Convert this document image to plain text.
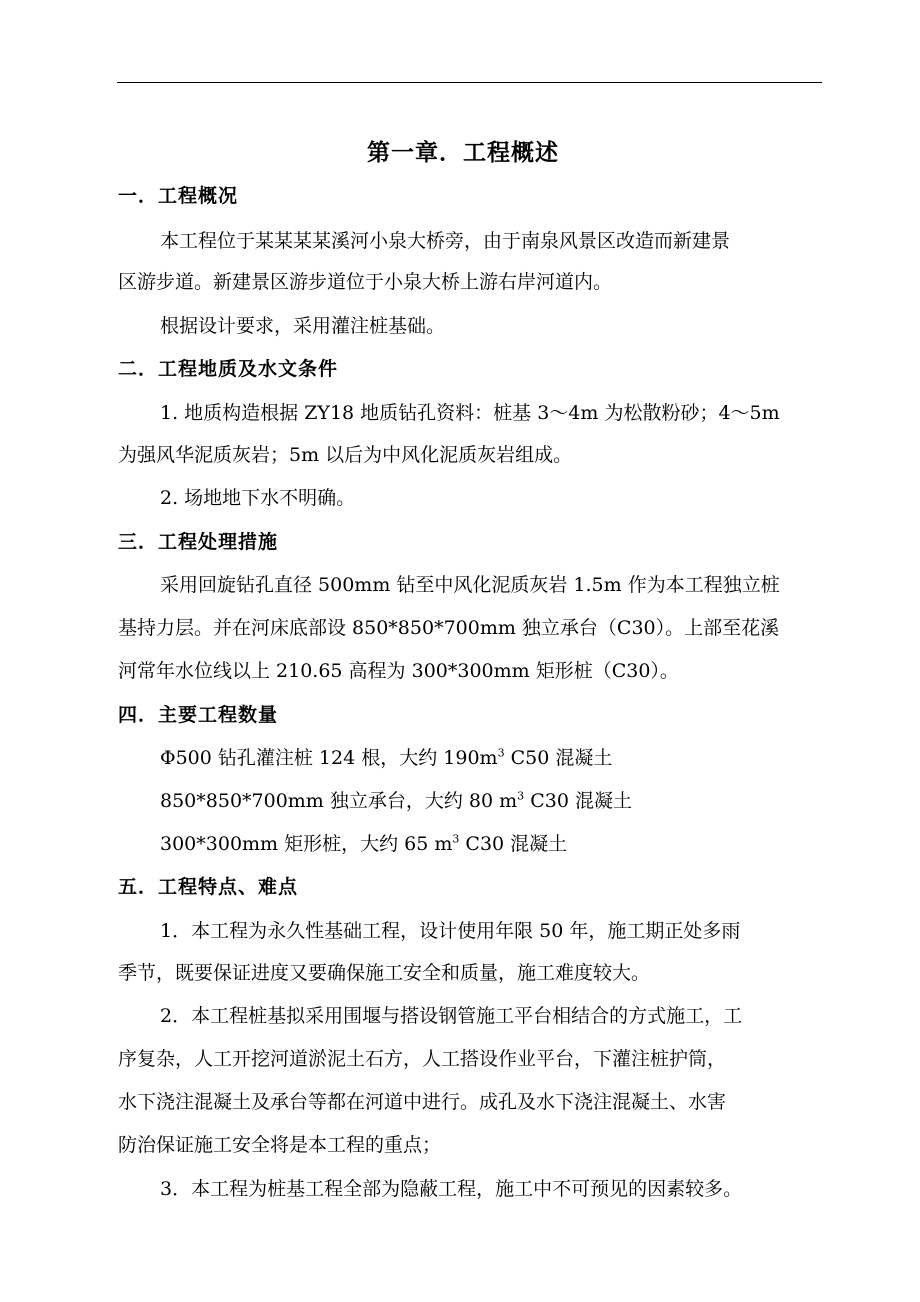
第一章．工程概述
一．工程概况
本工程位于某某某某溪河小泉大桥旁，由于南泉风景区改造而新建景
区游步道。新建景区游步道位于小泉大桥上游右岸河道内。
根据设计要求，采用灌注桩基础。
二．工程地质及水文条件
1. 地质构造根据 ZY18 地质钻孔资料：桩基 3～4m 为松散粉砂；4～5m
为强风华泥质灰岩；5m 以后为中风化泥质灰岩组成。
2. 场地地下水不明确。
三．工程处理措施
采用回旋钻孔直径 500mm 钻至中风化泥质灰岩 1.5m 作为本工程独立桩
基持力层。并在河床底部设 850*850*700mm 独立承台（C30）。上部至花溪
河常年水位线以上 210.65 高程为 300*300mm 矩形桩（C30）。
四．主要工程数量
Φ500 钻孔灌注桩 124 根，大约 $190m^3$ C50 混凝土
850*850*700mm 独立承台，大约 80 $m^3$ C30 混凝土
300*300mm 矩形桩，大约 65 $m^3$ C30 混凝土
五．工程特点、难点
1．本工程为永久性基础工程，设计使用年限 50 年，施工期正处多雨
季节，既要保证进度又要确保施工安全和质量，施工难度较大。
2．本工程桩基拟采用围堰与搭设钢管施工平台相结合的方式施工，工
序复杂，人工开挖河道淤泥土石方，人工搭设作业平台，下灌注桩护筒，
水下浇注混凝土及承台等都在河道中进行。成孔及水下浇注混凝土、水害
防治保证施工安全将是本工程的重点；
3．本工程为桩基工程全部为隐蔽工程，施工中不可预见的因素较多。
